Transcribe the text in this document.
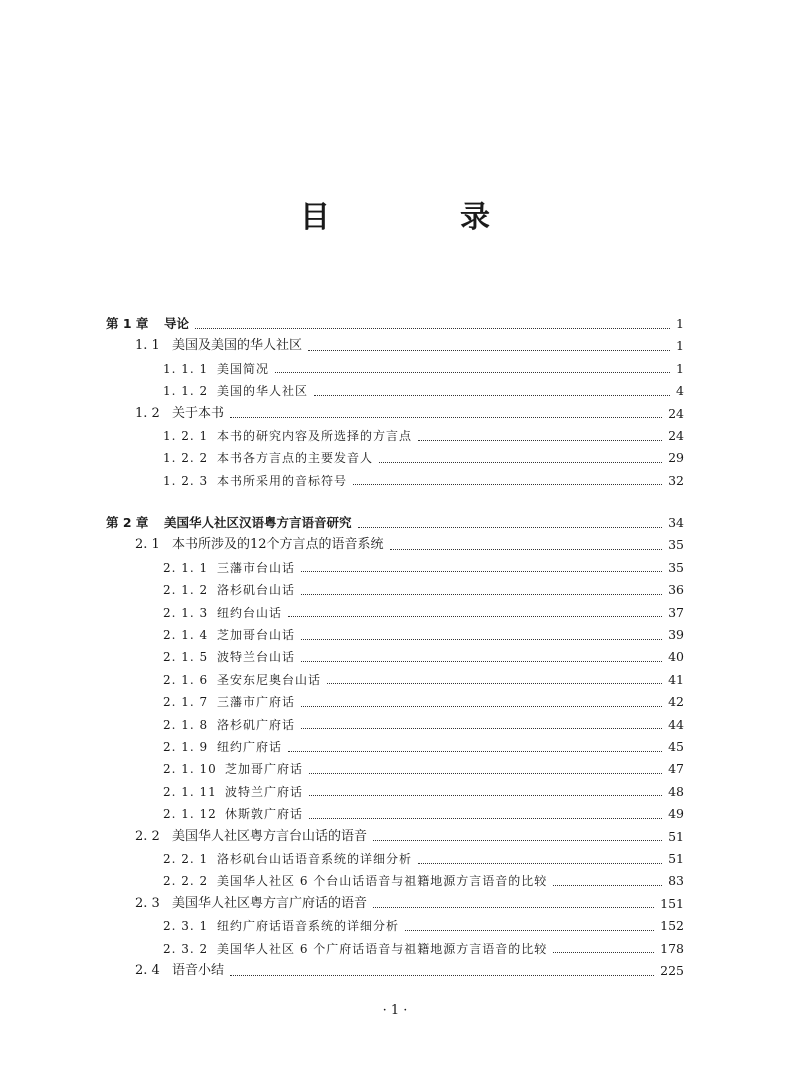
目　录
第 1 章	导论	1
1. 1 美国及美国的华人社区	1
1. 1. 1 美国简况	1
1. 1. 2 美国的华人社区	4
1. 2 关于本书	24
1. 2. 1 本书的研究内容及所选择的方言点	24
1. 2. 2 本书各方言点的主要发音人	29
1. 2. 3 本书所采用的音标符号	32
第 2 章	美国华人社区汉语粤方言语音研究	34
2. 1 本书所涉及的12个方言点的语音系统	35
2. 1. 1 三藩市台山话	35
2. 1. 2 洛杉矶台山话	36
2. 1. 3 纽约台山话	37
2. 1. 4 芝加哥台山话	39
2. 1. 5 波特兰台山话	40
2. 1. 6 圣安东尼奥台山话	41
2. 1. 7 三藩市广府话	42
2. 1. 8 洛杉矶广府话	44
2. 1. 9 纽约广府话	45
2. 1. 10 芝加哥广府话	47
2. 1. 11 波特兰广府话	48
2. 1. 12 休斯敦广府话	49
2. 2 美国华人社区粤方言台山话的语音	51
2. 2. 1 洛杉矶台山话语音系统的详细分析	51
2. 2. 2 美国华人社区 6 个台山话语音与祖籍地源方言语音的比较	83
2. 3 美国华人社区粤方言广府话的语音	151
2. 3. 1 纽约广府话语音系统的详细分析	152
2. 3. 2 美国华人社区 6 个广府话语音与祖籍地源方言语音的比较	178
2. 4 语音小结	225
· 1 ·
